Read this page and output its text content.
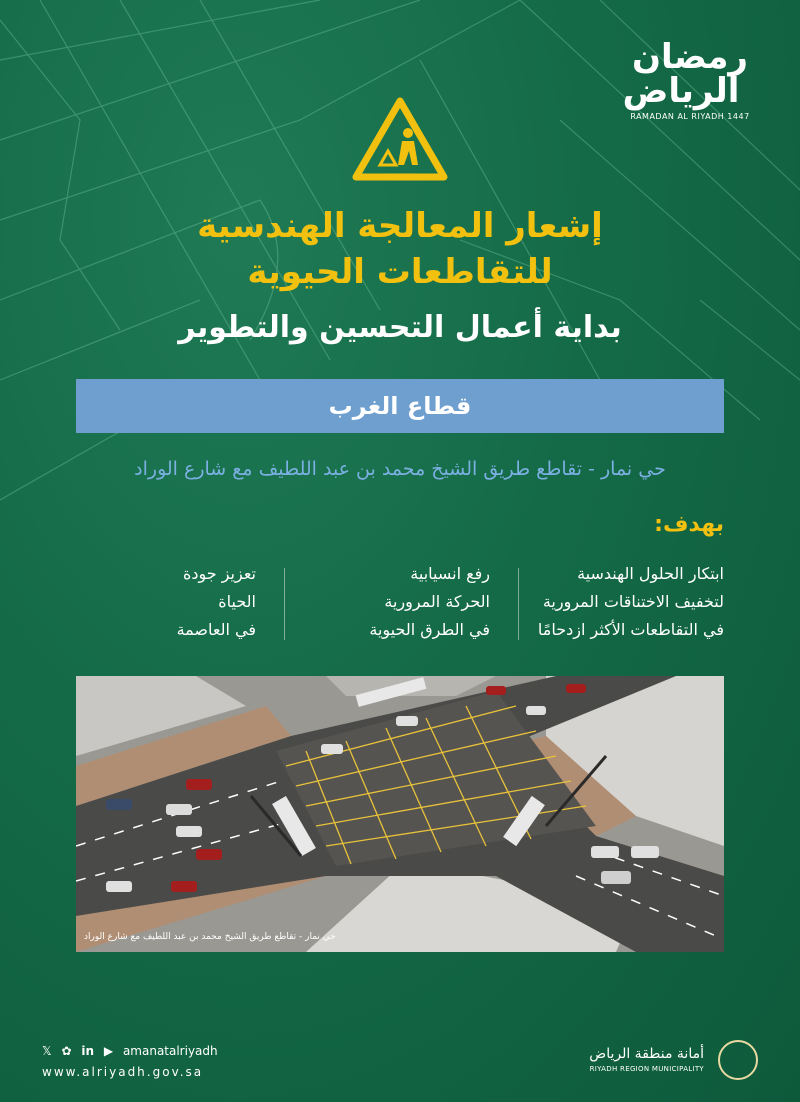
رمضان
الرياض
RAMADAN AL RIYADH 1447
إشعار المعالجة الهندسية
للتقاطعات الحيوية
بداية أعمال التحسين والتطوير
قطاع الغرب
حي نمار - تقاطع طريق الشيخ محمد بن عبد اللطيف مع شارع الوراد
بهدف:
ابتكار الحلول الهندسية
لتخفيف الاختناقات المرورية
في التقاطعات الأكثر ازدحامًا
رفع انسيابية
الحركة المرورية
في الطرق الحيوية
تعزيز جودة
الحياة
في العاصمة
حي نمار - تقاطع طريق الشيخ محمد بن عبد اللطيف مع شارع الوراد
𝕏 ✿ in ▶ amanatalriyadh
www.alriyadh.gov.sa
أمانة منطقة الرياض
RIYADH REGION MUNICIPALITY
